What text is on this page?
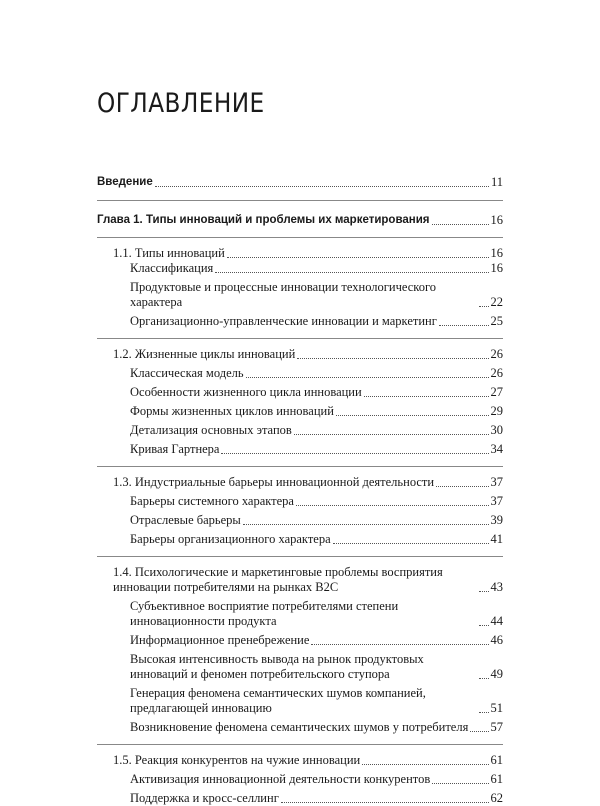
ОГЛАВЛЕНИЕ
Введение	11
Глава 1. Типы инноваций и проблемы их маркетирования	16
1.1. Типы инноваций	16
Классификация	16
Продуктовые и процессные инновации технологического характера	22
Организационно-управленческие инновации и маркетинг	25
1.2. Жизненные циклы инноваций	26
Классическая модель	26
Особенности жизненного цикла инновации	27
Формы жизненных циклов инноваций	29
Детализация основных этапов	30
Кривая Гартнера	34
1.3. Индустриальные барьеры инновационной деятельности	37
Барьеры системного характера	37
Отраслевые барьеры	39
Барьеры организационного характера	41
1.4. Психологические и маркетинговые проблемы восприятия инновации потребителями на рынках B2C	43
Субъективное восприятие потребителями степени инновационности продукта	44
Информационное пренебрежение	46
Высокая интенсивность вывода на рынок продуктовых инноваций и феномен потребительского ступора	49
Генерация феномена семантических шумов компанией, предлагающей инновацию	51
Возникновение феномена семантических шумов у потребителя 57
1.5. Реакция конкурентов на чужие инновации	61
Активизация инновационной деятельности конкурентов	61
Поддержка и кросс-селлинг	62
